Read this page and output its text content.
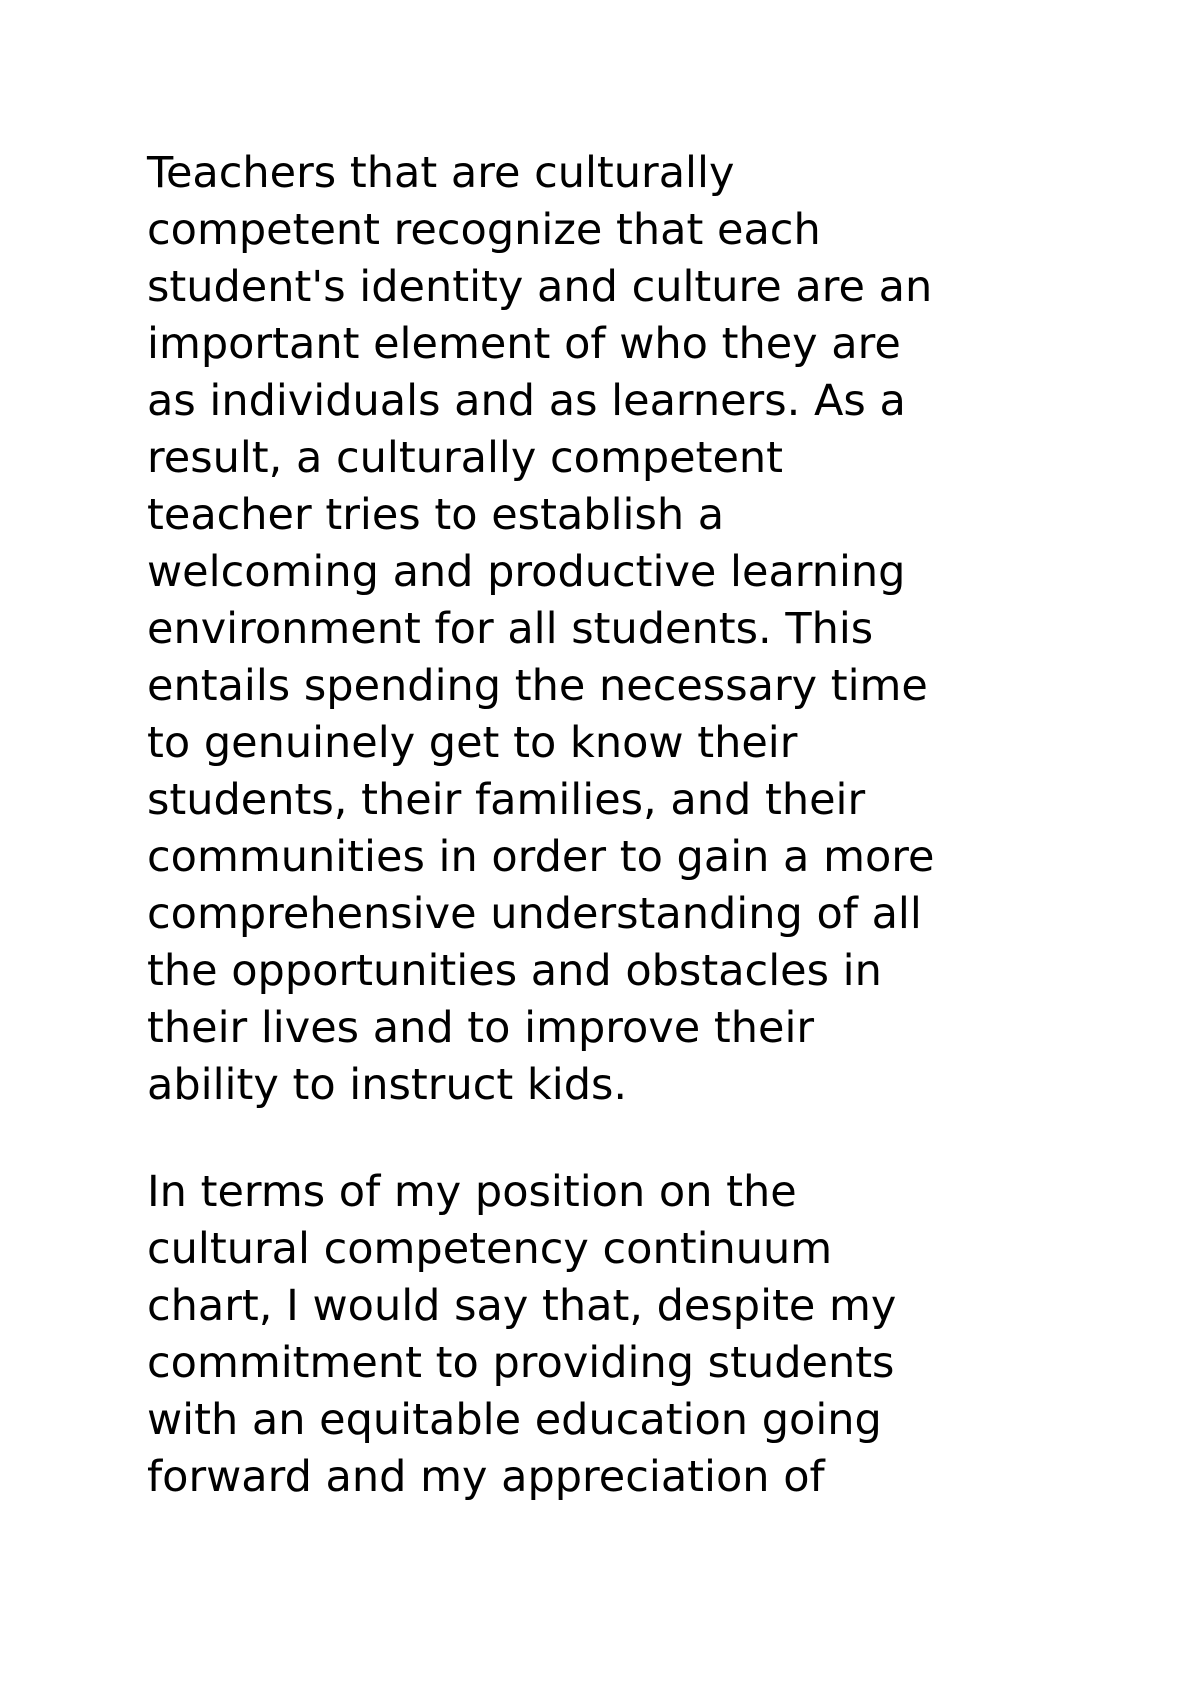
Teachers that are culturally
competent recognize that each
student's identity and culture are an
important element of who they are
as individuals and as learners. As a
result, a culturally competent
teacher tries to establish a
welcoming and productive learning
environment for all students. This
entails spending the necessary time
to genuinely get to know their
students, their families, and their
communities in order to gain a more
comprehensive understanding of all
the opportunities and obstacles in
their lives and to improve their
ability to instruct kids.
In terms of my position on the
cultural competency continuum
chart, I would say that, despite my
commitment to providing students
with an equitable education going
forward and my appreciation of
